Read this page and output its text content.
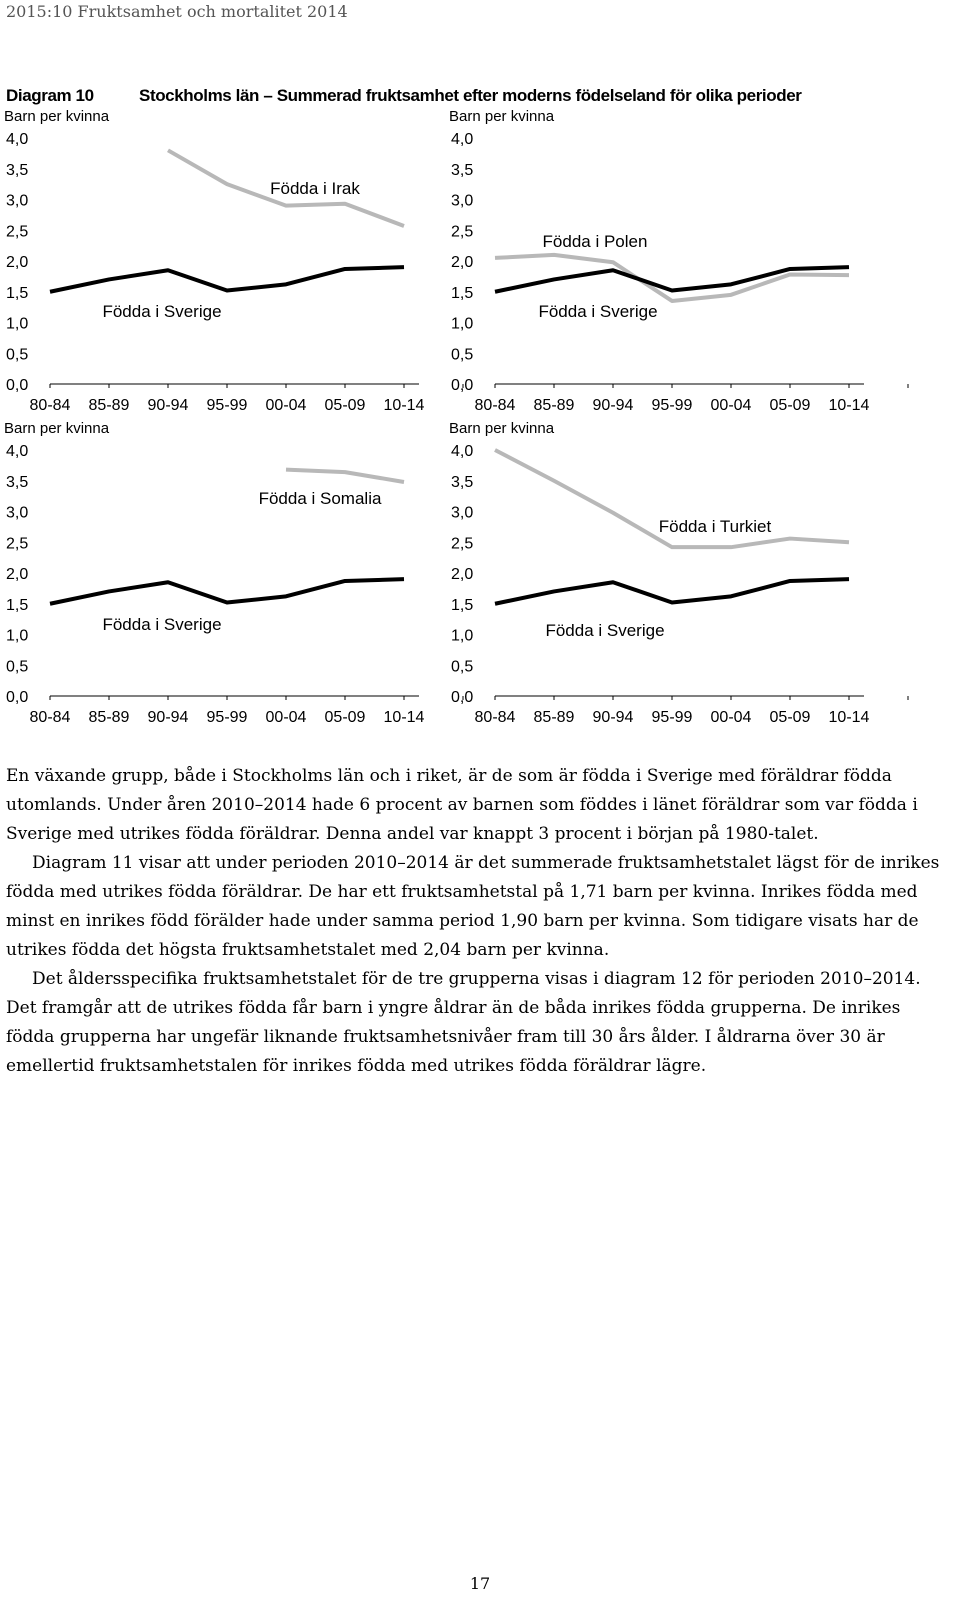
2015:10 Fruktsamhet och mortalitet 2014
Diagram 10	Stockholms län – Summerad fruktsamhet efter moderns födelseland för olika perioder
Barn per kvinna
0,0
0,5
1,0
1,5
2,0
2,5
3,0
3,5
4,0
80-84 85-89 90-94 95-99 00-04 05-09 10-14
Födda i Irak
Födda i Sverige
Barn per kvinna
0,0
0,5
1,0
1,5
2,0
2,5
3,0
3,5
4,0
80-84 85-89 90-94 95-99 00-04 05-09 10-14
Födda i Polen
Födda i Sverige
Barn per kvinna
0,0
0,5
1,0
1,5
2,0
2,5
3,0
3,5
4,0
80-84 85-89 90-94 95-99 00-04 05-09 10-14
Födda i Somalia
Födda i Sverige
Barn per kvinna
0,0
0,5
1,0
1,5
2,0
2,5
3,0
3,5
4,0
80-84 85-89 90-94 95-99 00-04 05-09 10-14
Födda i Turkiet
Födda i Sverige

En växande grupp, både i Stockholms län och i riket, är de som är födda i Sverige med föräldrar födda utomlands. Under åren 2010–2014 hade 6 procent av barnen som föddes i länet föräldrar som var födda i Sverige med utrikes födda föräldrar. Denna andel var knappt 3 procent i början på 1980-talet.

Diagram 11 visar att under perioden 2010–2014 är det summerade fruktsamhetstalet lägst för de inrikes födda med utrikes födda föräldrar. De har ett fruktsamhetstal på 1,71 barn per kvinna. Inrikes födda med minst en inrikes född förälder hade under samma period 1,90 barn per kvinna. Som tidigare visats har de utrikes födda det högsta fruktsamhetstalet med 2,04 barn per kvinna.

Det åldersspecifika fruktsamhetstalet för de tre grupperna visas i diagram 12 för perioden 2010–2014. Det framgår att de utrikes födda får barn i yngre åldrar än de båda inrikes födda grupperna. De inrikes födda grupperna har ungefär liknande fruktsamhetsnivåer fram till 30 års ålder. I åldrarna över 30 är emellertid fruktsamhetstalen för inrikes födda med utrikes födda föräldrar lägre.

17
